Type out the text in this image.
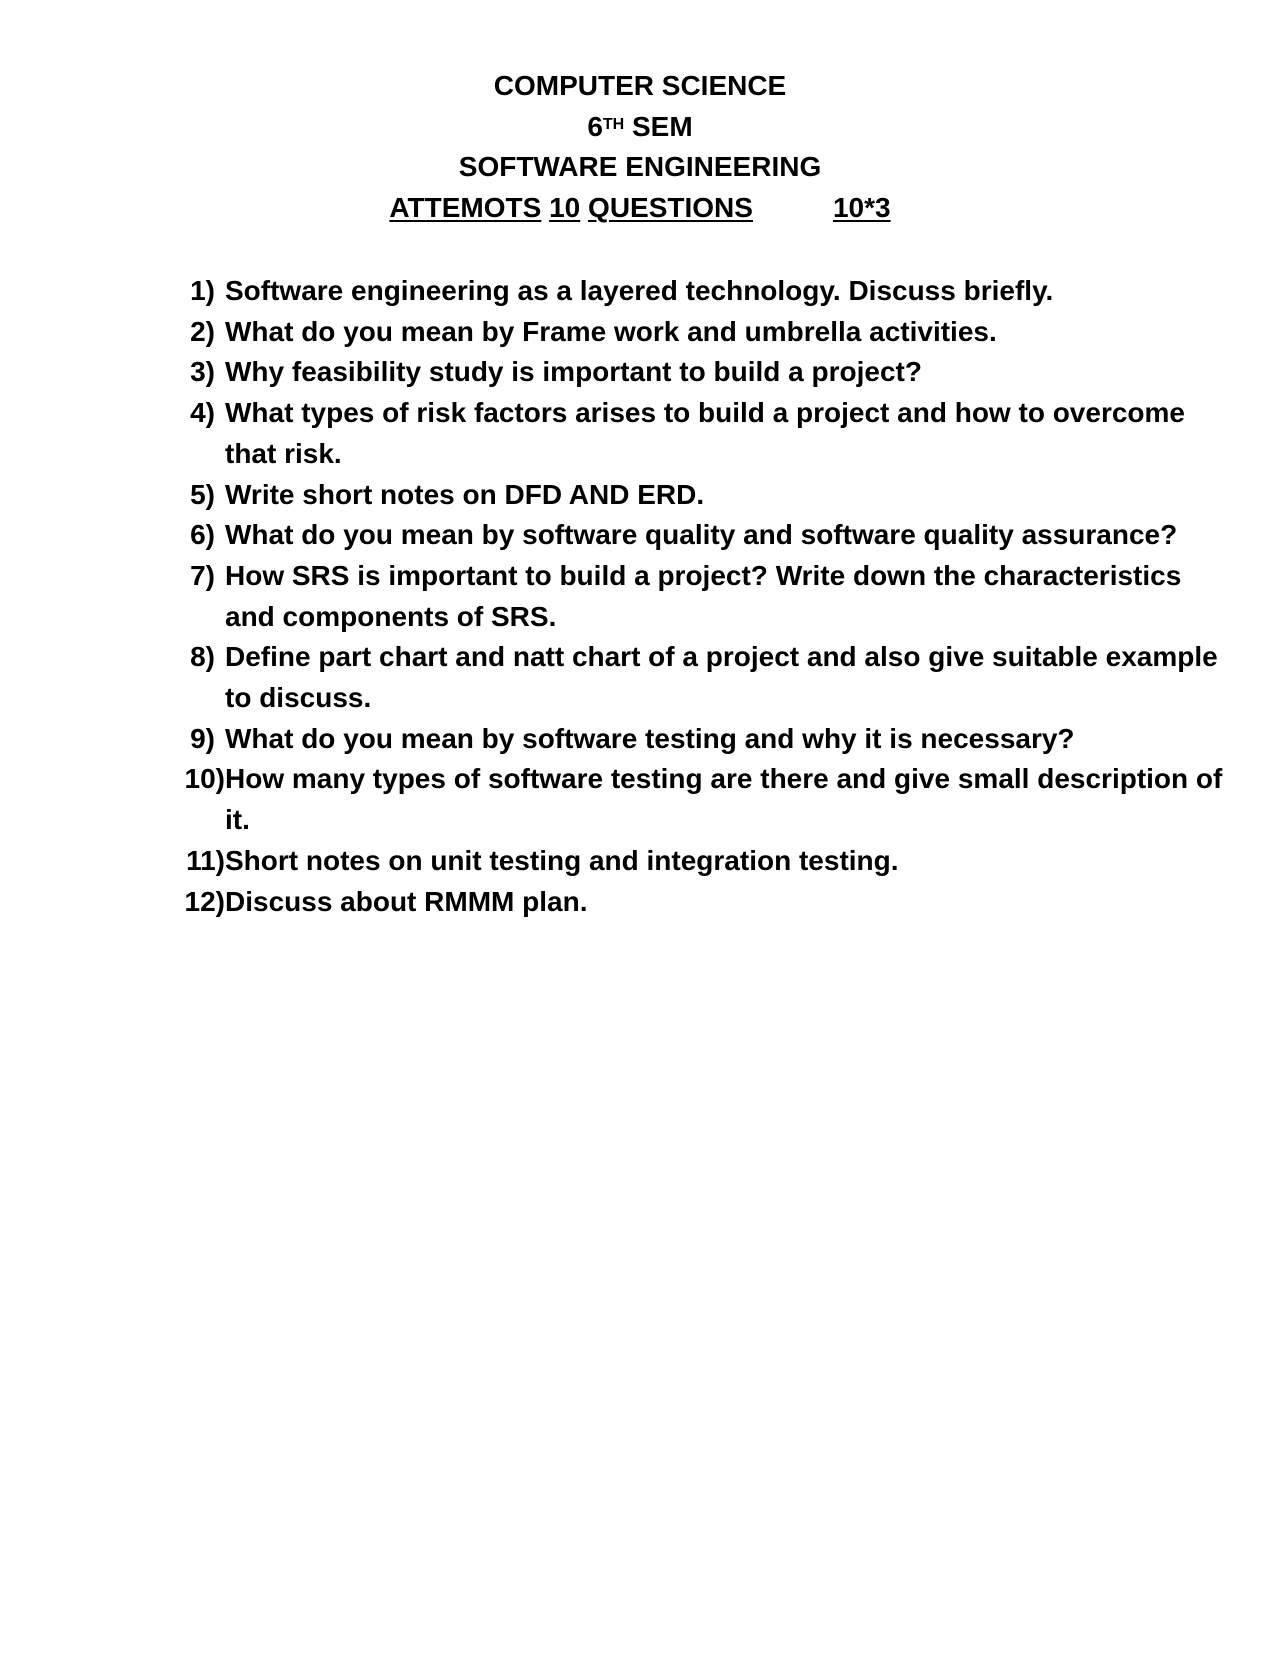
COMPUTER SCIENCE
6TH SEM
SOFTWARE ENGINEERING
ATTEMOTS 10 QUESTIONS	10*3
1) Software engineering as a layered technology. Discuss briefly.
2) What do you mean by Frame work and umbrella activities.
3) Why feasibility study is important to build a project?
4) What types of risk factors arises to build a project and how to overcome that risk.
5) Write short notes on DFD AND ERD.
6) What do you mean by software quality and software quality assurance?
7) How SRS is important to build a project? Write down the characteristics and components of SRS.
8) Define part chart and natt chart of a project and also give suitable example to discuss.
9) What do you mean by software testing and why it is necessary?
10) How many types of software testing are there and give small description of it.
11) Short notes on unit testing and integration testing.
12) Discuss about RMMM plan.
